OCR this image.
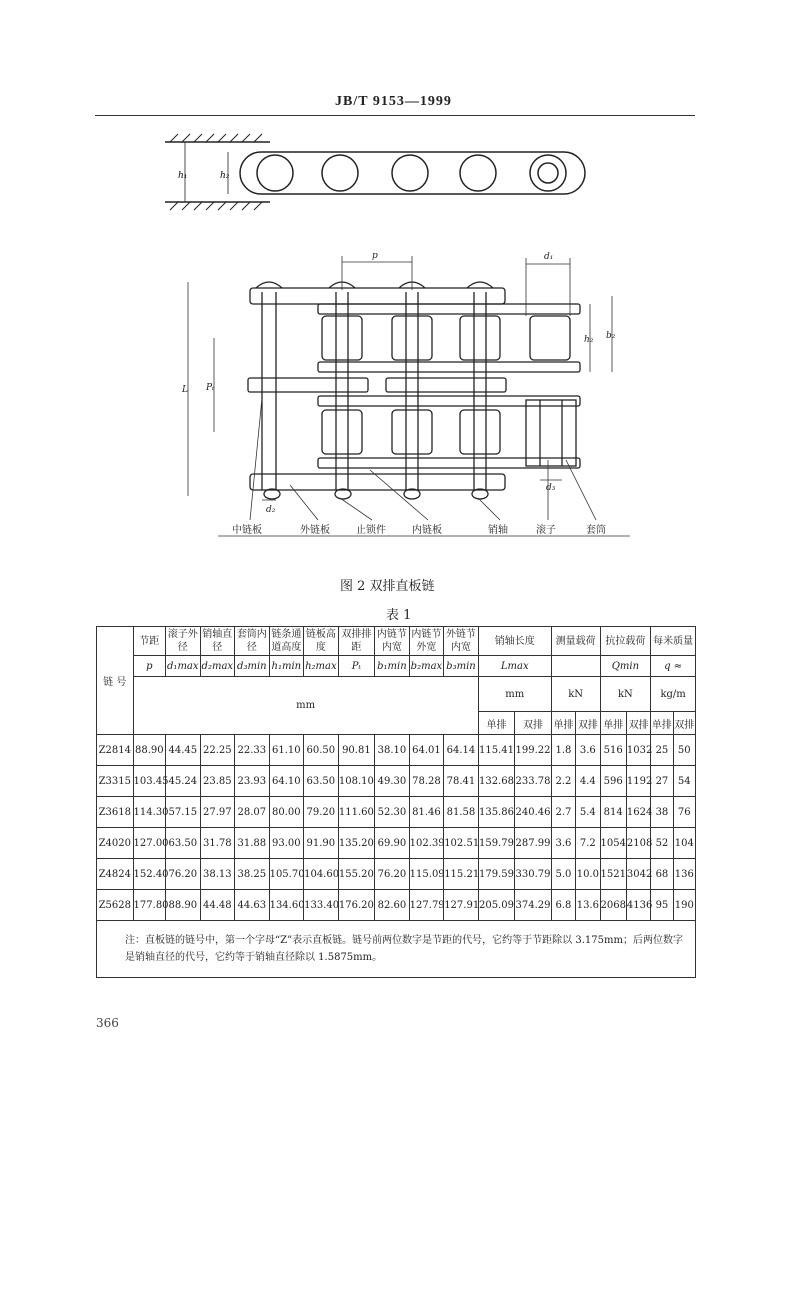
JB/T 9153—1999
h₁	h₂
p	d₁
h₂ b₂
L Pₜ
d₂
d₃
中链板	外链板	止锁件	内链板	销轴	滚子	套筒
图 2 双排直板链
表 1
链 号	节距	滚子外径	销轴直径	套筒内径	链条通道高度	链板高度	双排排距	内链节内宽	内链节外宽	外链节内宽	销轴长度		测量载荷		抗拉载荷		每米质量	
	p	d₁max	d₂max	d₃min	h₁min	h₂max	Pₜ	b₁min	b₂max	b₃min	Lmax				Qmin		q ≈	
	mm										mm		kN		kN		kg/m	
											单排	双排	单排	双排	单排	双排	单排	双排
Z2814	88.90	44.45	22.25	22.33	61.10	60.50	90.81	38.10	64.01	64.14	115.41	199.22	1.8	3.6	516	1032	25	50
Z3315	103.45	45.24	23.85	23.93	64.10	63.50	108.10	49.30	78.28	78.41	132.68	233.78	2.2	4.4	596	1192	27	54
Z3618	114.30	57.15	27.97	28.07	80.00	79.20	111.60	52.30	81.46	81.58	135.86	240.46	2.7	5.4	814	1624	38	76
Z4020	127.00	63.50	31.78	31.88	93.00	91.90	135.20	69.90	102.39	102.51	159.79	287.99	3.6	7.2	1054	2108	52	104
Z4824	152.40	76.20	38.13	38.25	105.70	104.60	155.20	76.20	115.09	115.21	179.59	330.79	5.0	10.0	1521	3042	68	136
Z5628	177.80	88.90	44.48	44.63	134.60	133.40	176.20	82.60	127.79	127.91	205.09	374.29	6.8	13.6	2068	4136	95	190
注：直板链的链号中，第一个字母“Z”表示直板链。链号前两位数字是节距的代号，它约等于节距除以 3.175mm；后两位数字是销轴直径的代号，它约等于销轴直径除以 1.5875mm。																		
366
